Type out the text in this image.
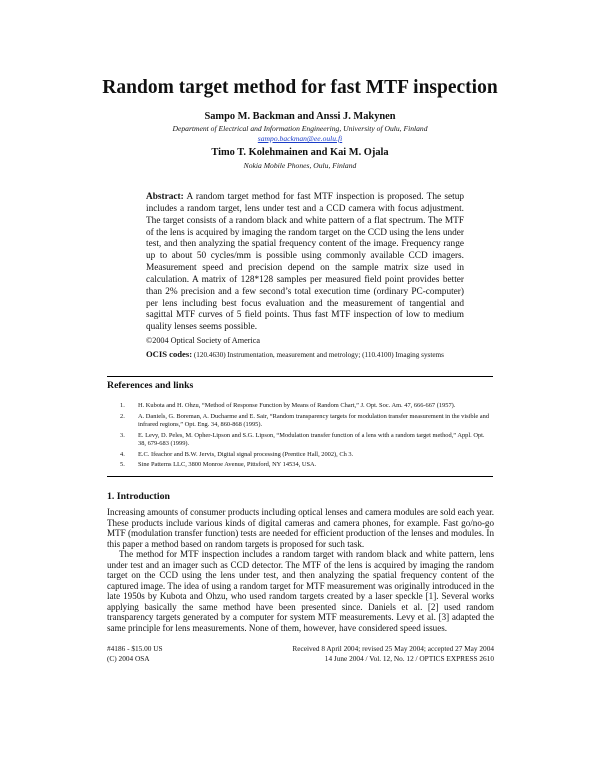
Random target method for fast MTF inspection
Sampo M. Backman and Anssi J. Makynen
Department of Electrical and Information Engineering, University of Oulu, Finland
sampo.backman@ee.oulu.fi
Timo T. Kolehmainen and Kai M. Ojala
Nokia Mobile Phones, Oulu, Finland
Abstract: A random target method for fast MTF inspection is proposed. The setup includes a random target, lens under test and a CCD camera with focus adjustment. The target consists of a random black and white pattern of a flat spectrum. The MTF of the lens is acquired by imaging the random target on the CCD using the lens under test, and then analyzing the spatial frequency content of the image. Frequency range up to about 50 cycles/mm is possible using commonly available CCD imagers. Measurement speed and precision depend on the sample matrix size used in calculation. A matrix of 128*128 samples per measured field point provides better than 2% precision and a few second’s total execution time (ordinary PC-computer) per lens including best focus evaluation and the measurement of tangential and sagittal MTF curves of 5 field points. Thus fast MTF inspection of low to medium quality lenses seems possible.
©2004 Optical Society of America
OCIS codes: (120.4630) Instrumentation, measurement and metrology; (110.4100) Imaging systems
References and links
1. H. Kubota and H. Ohzu, “Method of Response Function by Means of Random Chart,” J. Opt. Soc. Am. 47, 666-667 (1957).
2. A. Daniels, G. Boreman, A. Ducharme and E. Sair, “Random transparency targets for modulation transfer measurement in the visible and infrared regions,” Opt. Eng. 34, 860-868 (1995).
3. E. Levy, D. Peles, M. Opher-Lipson and S.G. Lipson, “Modulation transfer function of a lens with a random target method,” Appl. Opt. 38, 679-683 (1999).
4. E.C. Ifeachor and B.W. Jervis, Digital signal processing (Prentice Hall, 2002), Ch 3.
5. Sine Patterns LLC, 3800 Monroe Avenue, Pittsford, NY 14534, USA.
1. Introduction

Increasing amounts of consumer products including optical lenses and camera modules are sold each year. These products include various kinds of digital cameras and camera phones, for example. Fast go/no-go MTF (modulation transfer function) tests are needed for efficient production of the lenses and modules. In this paper a method based on random targets is proposed for such task.

The method for MTF inspection includes a random target with random black and white pattern, lens under test and an imager such as CCD detector. The MTF of the lens is acquired by imaging the random target on the CCD using the lens under test, and then analyzing the spatial frequency content of the captured image. The idea of using a random target for MTF measurement was originally introduced in the late 1950s by Kubota and Ohzu, who used random targets created by a laser speckle [1]. Several works applying basically the same method have been presented since. Daniels et al. [2] used random transparency targets generated by a computer for system MTF measurements. Levy et al. [3] adapted the same principle for lens measurements. None of them, however, have considered speed issues.

#4186 - $15.00 US
(C) 2004 OSA
Received 8 April 2004; revised 25 May 2004; accepted 27 May 2004
14 June 2004 / Vol. 12, No. 12 / OPTICS EXPRESS 2610
